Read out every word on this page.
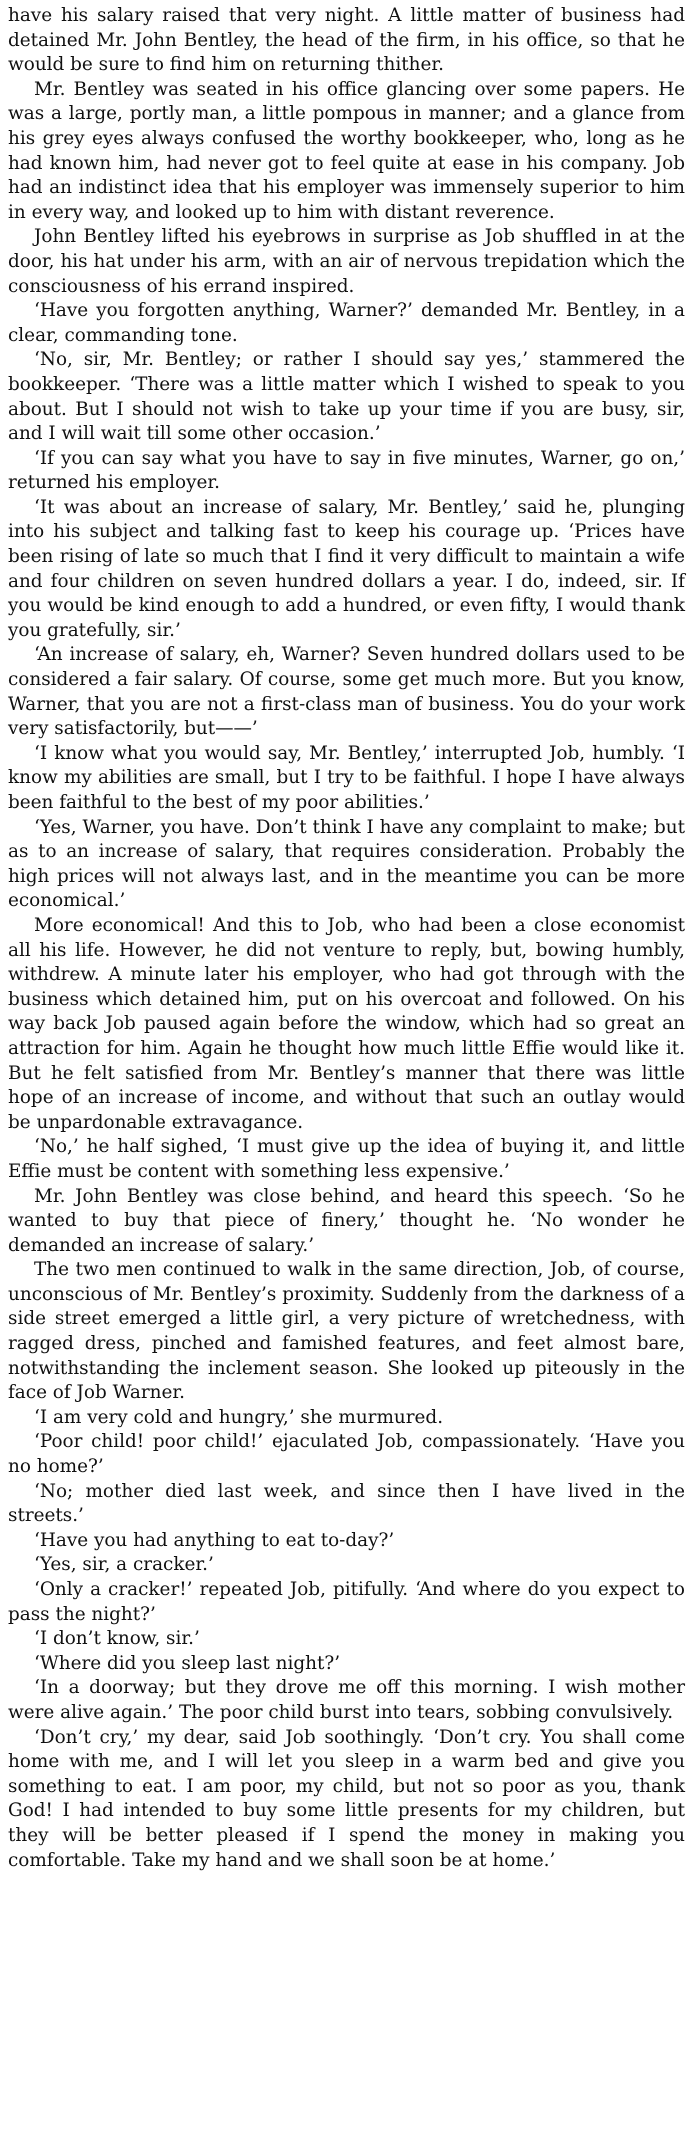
have his salary raised that very night. A little matter of business had detained Mr. John Bentley, the head of the firm, in his office, so that he would be sure to find him on returning thither.

Mr. Bentley was seated in his office glancing over some papers. He was a large, portly man, a little pompous in manner; and a glance from his grey eyes always confused the worthy bookkeeper, who, long as he had known him, had never got to feel quite at ease in his company. Job had an indistinct idea that his employer was immensely superior to him in every way, and looked up to him with distant reverence.

John Bentley lifted his eyebrows in surprise as Job shuffled in at the door, his hat under his arm, with an air of nervous trepidation which the consciousness of his errand inspired.

‘Have you forgotten anything, Warner?’ demanded Mr. Bentley, in a clear, commanding tone.

‘No, sir, Mr. Bentley; or rather I should say yes,’ stammered the bookkeeper. ‘There was a little matter which I wished to speak to you about. But I should not wish to take up your time if you are busy, sir, and I will wait till some other occasion.’

‘If you can say what you have to say in five minutes, Warner, go on,’ returned his employer.

‘It was about an increase of salary, Mr. Bentley,’ said he, plunging into his subject and talking fast to keep his courage up. ‘Prices have been rising of late so much that I find it very difficult to maintain a wife and four children on seven hundred dollars a year. I do, indeed, sir. If you would be kind enough to add a hundred, or even fifty, I would thank you gratefully, sir.’

‘An increase of salary, eh, Warner? Seven hundred dollars used to be considered a fair salary. Of course, some get much more. But you know, Warner, that you are not a first-class man of business. You do your work very satisfactorily, but——’

‘I know what you would say, Mr. Bentley,’ interrupted Job, humbly. ‘I know my abilities are small, but I try to be faithful. I hope I have always been faithful to the best of my poor abilities.’

‘Yes, Warner, you have. Don’t think I have any complaint to make; but as to an increase of salary, that requires consideration. Probably the high prices will not always last, and in the meantime you can be more economical.’

More economical! And this to Job, who had been a close economist all his life. However, he did not venture to reply, but, bowing humbly, withdrew. A minute later his employer, who had got through with the business which detained him, put on his overcoat and followed. On his way back Job paused again before the window, which had so great an attraction for him. Again he thought how much little Effie would like it. But he felt satisfied from Mr. Bentley’s manner that there was little hope of an increase of income, and without that such an outlay would be unpardonable extravagance.

‘No,’ he half sighed, ‘I must give up the idea of buying it, and little Effie must be content with something less expensive.’

Mr. John Bentley was close behind, and heard this speech. ‘So he wanted to buy that piece of finery,’ thought he. ‘No wonder he demanded an increase of salary.’

The two men continued to walk in the same direction, Job, of course, unconscious of Mr. Bentley’s proximity. Suddenly from the darkness of a side street emerged a little girl, a very picture of wretchedness, with ragged dress, pinched and famished features, and feet almost bare, notwithstanding the inclement season. She looked up piteously in the face of Job Warner.

‘I am very cold and hungry,’ she murmured.

‘Poor child! poor child!’ ejaculated Job, compassionately. ‘Have you no home?’

‘No; mother died last week, and since then I have lived in the streets.’

‘Have you had anything to eat to-day?’

‘Yes, sir, a cracker.’

‘Only a cracker!’ repeated Job, pitifully. ‘And where do you expect to pass the night?’

‘I don’t know, sir.’

‘Where did you sleep last night?’

‘In a doorway; but they drove me off this morning. I wish mother were alive again.’ The poor child burst into tears, sobbing convulsively.

‘Don’t cry,’ my dear, said Job soothingly. ‘Don’t cry. You shall come home with me, and I will let you sleep in a warm bed and give you something to eat. I am poor, my child, but not so poor as you, thank God! I had intended to buy some little presents for my children, but they will be better pleased if I spend the money in making you comfortable. Take my hand and we shall soon be at home.’
